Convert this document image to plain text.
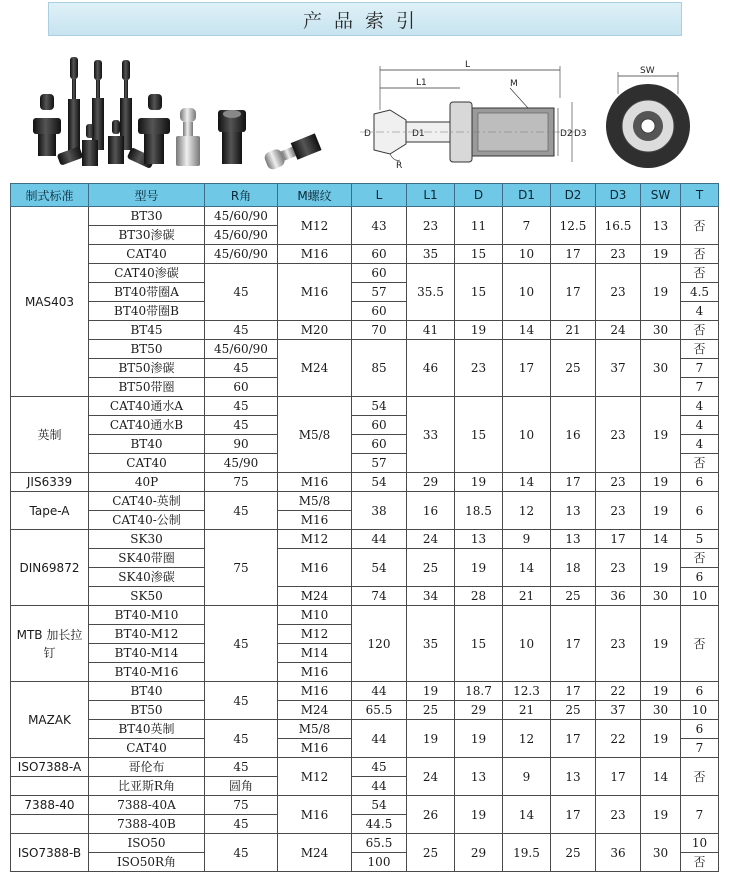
产品索引
L
L1	M
D	D1	D2 D3
R
SW
制式标准	型号	R角	M螺纹	L	L1	D	D1	D2	D3	SW	T
MAS403	BT30	45/60/90	M12	43	23	11	7	12.5	16.5	13	否
	BT30渗碳	45/60/90									
	CAT40	45/60/90	M16	60	35	15	10	17	23	19	否
	CAT40渗碳	45	M16	60	35.5	15	10	17	23	19	否
	BT40带圈A			57							4.5
	BT40带圈B			60							4
	BT45	45	M20	70	41	19	14	21	24	30	否
	BT50	45/60/90	M24	85	46	23	17	25	37	30	否
	BT50渗碳	45									7
	BT50带圈	60									7
英制	CAT40通水A	45	M5/8	54	33	15	10	16	23	19	4
	CAT40通水B	45		60							4
	BT40	90		60							4
	CAT40	45/90		57							否
JIS6339	40P	75	M16	54	29	19	14	17	23	19	6
Tape-A	CAT40-英制	45	M5/8	38	16	18.5	12	13	23	19	6
	CAT40-公制		M16								
DIN69872	SK30	75	M12	44	24	13	9	13	17	14	5
	SK40带圈		M16	54	25	19	14	18	23	19	否
	SK40渗碳										6
	SK50		M24	74	34	28	21	25	36	30	10
MTB 加长拉钉	BT40-M10	45	M10	120	35	15	10	17	23	19	否
	BT40-M12		M12								
	BT40-M14		M14								
	BT40-M16		M16								
MAZAK	BT40	45	M16	44	19	18.7	12.3	17	22	19	6
	BT50		M24	65.5	25	29	21	25	37	30	10
	BT40英制	45	M5/8	44	19	19	12	17	22	19	6
	CAT40		M16								7
ISO7388-A	哥伦布	45	M12	45	24	13	9	13	17	14	否
	比亚斯R角	圆角		44							
7388-40	7388-40A	75	M16	54	26	19	14	17	23	19	7
	7388-40B	45		44.5							
ISO7388-B	ISO50	45	M24	65.5	25	29	19.5	25	36	30	10
	ISO50R角			100							否
